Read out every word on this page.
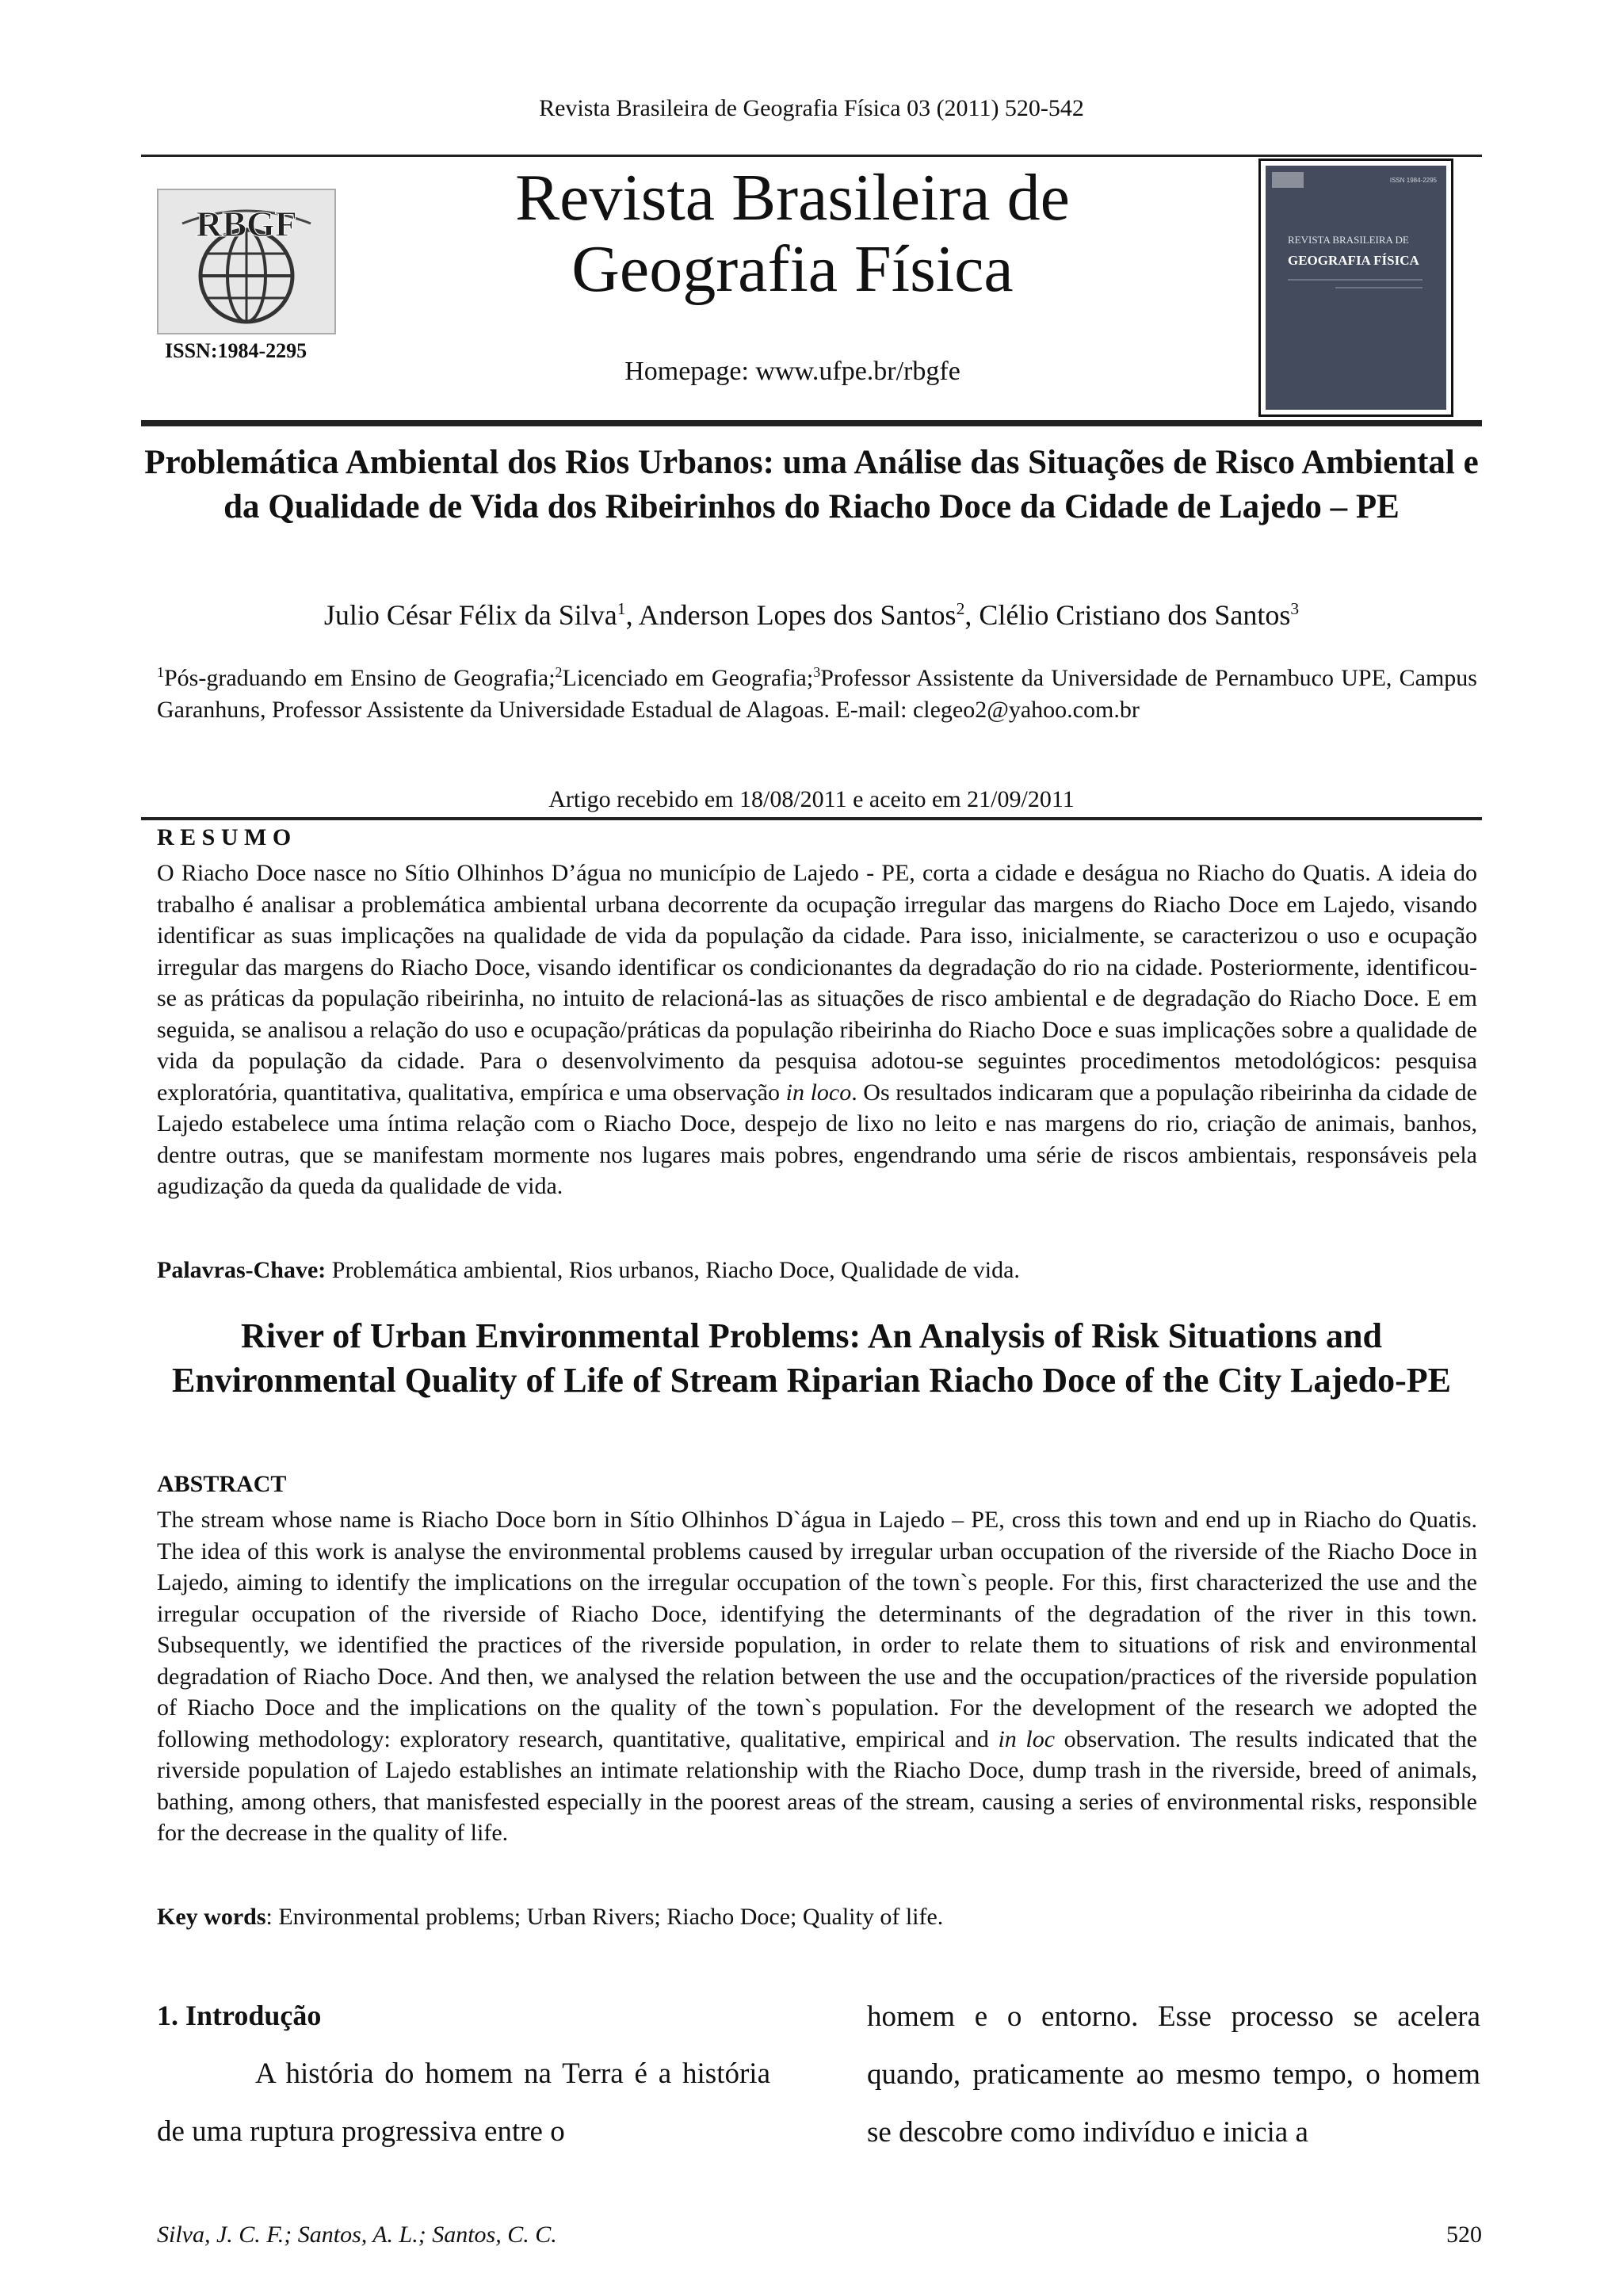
Revista Brasileira de Geografia Física 03 (2011) 520-542
RBGF
ISSN:1984-2295
Revista Brasileira de
Geografia Física
Homepage: www.ufpe.br/rbgfe
ISSN 1984-2295
REVISTA BRASILEIRA DE
GEOGRAFIA FÍSICA
Problemática Ambiental dos Rios Urbanos: uma Análise das Situações de Risco Ambiental e da Qualidade de Vida dos Ribeirinhos do Riacho Doce da Cidade de Lajedo – PE
Julio César Félix da Silva$^1$, Anderson Lopes dos Santos$^2$, Clélio Cristiano dos Santos$^3$
$^1$Pós-graduando em Ensino de Geografia;$^2$Licenciado em Geografia;$^3$Professor Assistente da Universidade de Pernambuco UPE, Campus Garanhuns, Professor Assistente da Universidade Estadual de Alagoas. E-mail: clegeo2@yahoo.com.br
Artigo recebido em 18/08/2011 e aceito em 21/09/2011
R E S U M O
O Riacho Doce nasce no Sítio Olhinhos D’água no município de Lajedo - PE, corta a cidade e deságua no Riacho do Quatis. A ideia do trabalho é analisar a problemática ambiental urbana decorrente da ocupação irregular das margens do Riacho Doce em Lajedo, visando identificar as suas implicações na qualidade de vida da população da cidade. Para isso, inicialmente, se caracterizou o uso e ocupação irregular das margens do Riacho Doce, visando identificar os condicionantes da degradação do rio na cidade. Posteriormente, identificou-se as práticas da população ribeirinha, no intuito de relacioná-las as situações de risco ambiental e de degradação do Riacho Doce. E em seguida, se analisou a relação do uso e ocupação/práticas da população ribeirinha do Riacho Doce e suas implicações sobre a qualidade de vida da população da cidade. Para o desenvolvimento da pesquisa adotou-se seguintes procedimentos metodológicos: pesquisa exploratória, quantitativa, qualitativa, empírica e uma observação in loco. Os resultados indicaram que a população ribeirinha da cidade de Lajedo estabelece uma íntima relação com o Riacho Doce, despejo de lixo no leito e nas margens do rio, criação de animais, banhos, dentre outras, que se manifestam mormente nos lugares mais pobres, engendrando uma série de riscos ambientais, responsáveis pela agudização da queda da qualidade de vida.
Palavras-Chave: Problemática ambiental, Rios urbanos, Riacho Doce, Qualidade de vida.
River of Urban Environmental Problems: An Analysis of Risk Situations and Environmental Quality of Life of Stream Riparian Riacho Doce of the City Lajedo-PE
ABSTRACT
The stream whose name is Riacho Doce born in Sítio Olhinhos D`água in Lajedo – PE, cross this town and end up in Riacho do Quatis. The idea of this work is analyse the environmental problems caused by irregular urban occupation of the riverside of the Riacho Doce in Lajedo, aiming to identify the implications on the irregular occupation of the town`s people. For this, first characterized the use and the irregular occupation of the riverside of Riacho Doce, identifying the determinants of the degradation of the river in this town. Subsequently, we identified the practices of the riverside population, in order to relate them to situations of risk and environmental degradation of Riacho Doce. And then, we analysed the relation between the use and the occupation/practices of the riverside population of Riacho Doce and the implications on the quality of the town`s population. For the development of the research we adopted the following methodology: exploratory research, quantitative, qualitative, empirical and in loc observation. The results indicated that the riverside population of Lajedo establishes an intimate relationship with the Riacho Doce, dump trash in the riverside, breed of animals, bathing, among others, that manisfested especially in the poorest areas of the stream, causing a series of environmental risks, responsible for the decrease in the quality of life.
Key words: Environmental problems; Urban Rivers; Riacho Doce; Quality of life.
1. Introdução
A história do homem na Terra é a história de uma ruptura progressiva entre o
homem e o entorno. Esse processo se acelera quando, praticamente ao mesmo tempo, o homem se descobre como indivíduo e inicia a
Silva, J. C. F.; Santos, A. L.; Santos, C. C.	520
